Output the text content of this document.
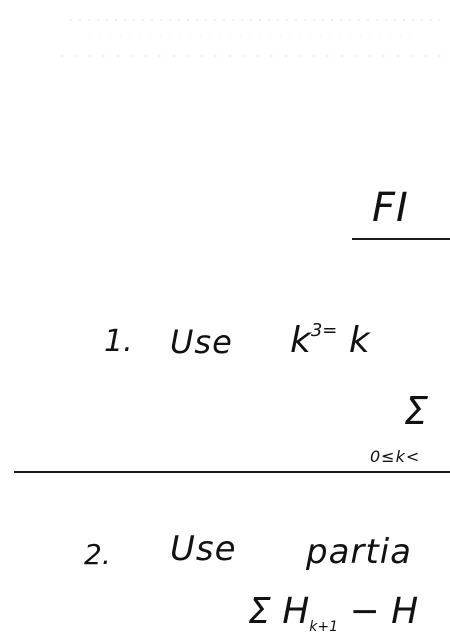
FI
1. Use $k^{3=}$ k
Σ
0≤k<
2. Use partia
Σ $H_{k+1} - H$
